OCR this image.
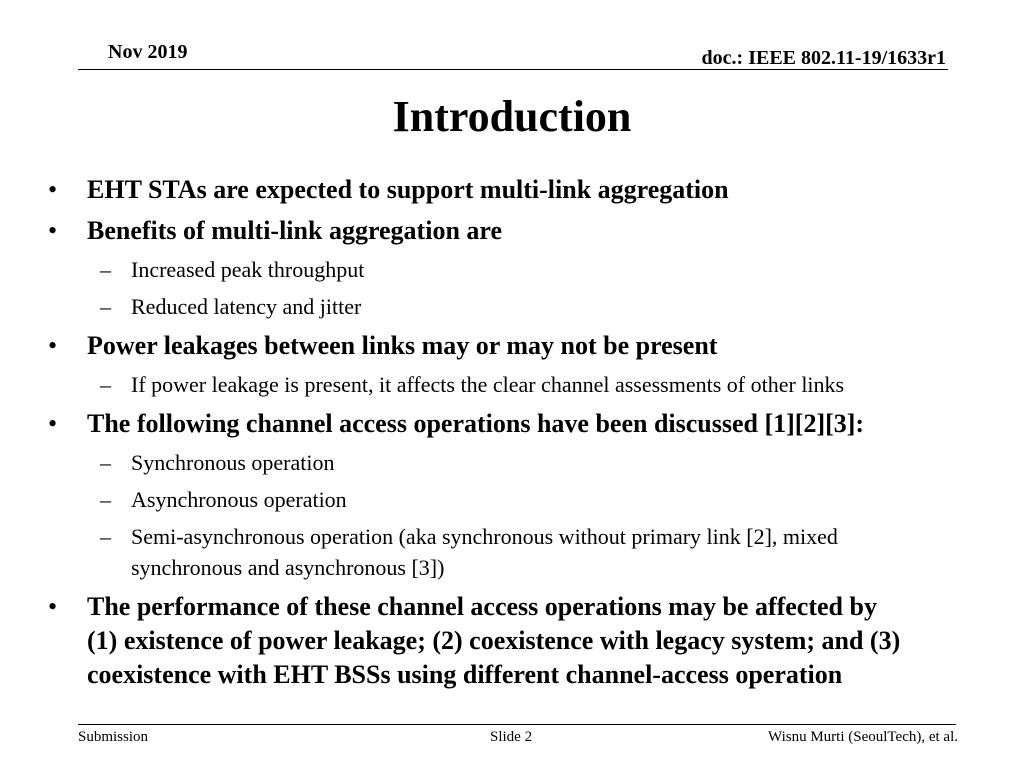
Nov 2019	doc.: IEEE 802.11-19/1633r1
Introduction
• EHT STAs are expected to support multi-link aggregation
• Benefits of multi-link aggregation are
– Increased peak throughput
– Reduced latency and jitter
• Power leakages between links may or may not be present
– If power leakage is present, it affects the clear channel assessments of other links
• The following channel access operations have been discussed [1][2][3]:
– Synchronous operation
– Asynchronous operation
– Semi-asynchronous operation (aka synchronous without primary link [2], mixed
synchronous and asynchronous [3])
• The performance of these channel access operations may be affected by
(1) existence of power leakage; (2) coexistence with legacy system; and (3)
coexistence with EHT BSSs using different channel-access operation
Submission	Slide 2	Wisnu Murti (SeoulTech), et al.
